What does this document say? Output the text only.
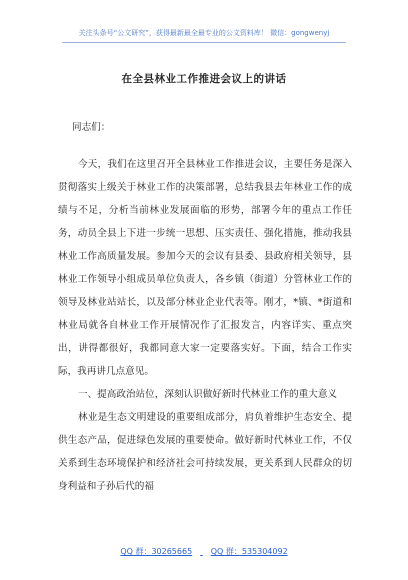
关注头条号“公文研究”，获得最新最全最专业的公文资料库！ 微信：gongwenyj
在全县林业工作推进会议上的讲话

同志们：

今天，我们在这里召开全县林业工作推进会议，主要任务是深入贯彻落实上级关于林业工作的决策部署，总结我县去年林业工作的成绩与不足，分析当前林业发展面临的形势，部署今年的重点工作任务，动员全县上下进一步统一思想、压实责任、强化措施，推动我县林业工作高质量发展。参加今天的会议有县委、县政府相关领导，县林业工作领导小组成员单位负责人，各乡镇（街道）分管林业工作的领导及林业站站长，以及部分林业企业代表等。刚才，*镇、*街道和林业局就各自林业工作开展情况作了汇报发言，内容详实、重点突出，讲得都很好，我都同意大家一定要落实好。下面，结合工作实际，我再讲几点意见。

一、提高政治站位，深刻认识做好新时代林业工作的重大意义

林业是生态文明建设的重要组成部分，肩负着维护生态安全、提供生态产品，促进绿色发展的重要使命。做好新时代林业工作，不仅关系到生态环境保护和经济社会可持续发展，更关系到人民群众的切身利益和子孙后代的福

QQ 群：30265665 QQ 群：535304092
